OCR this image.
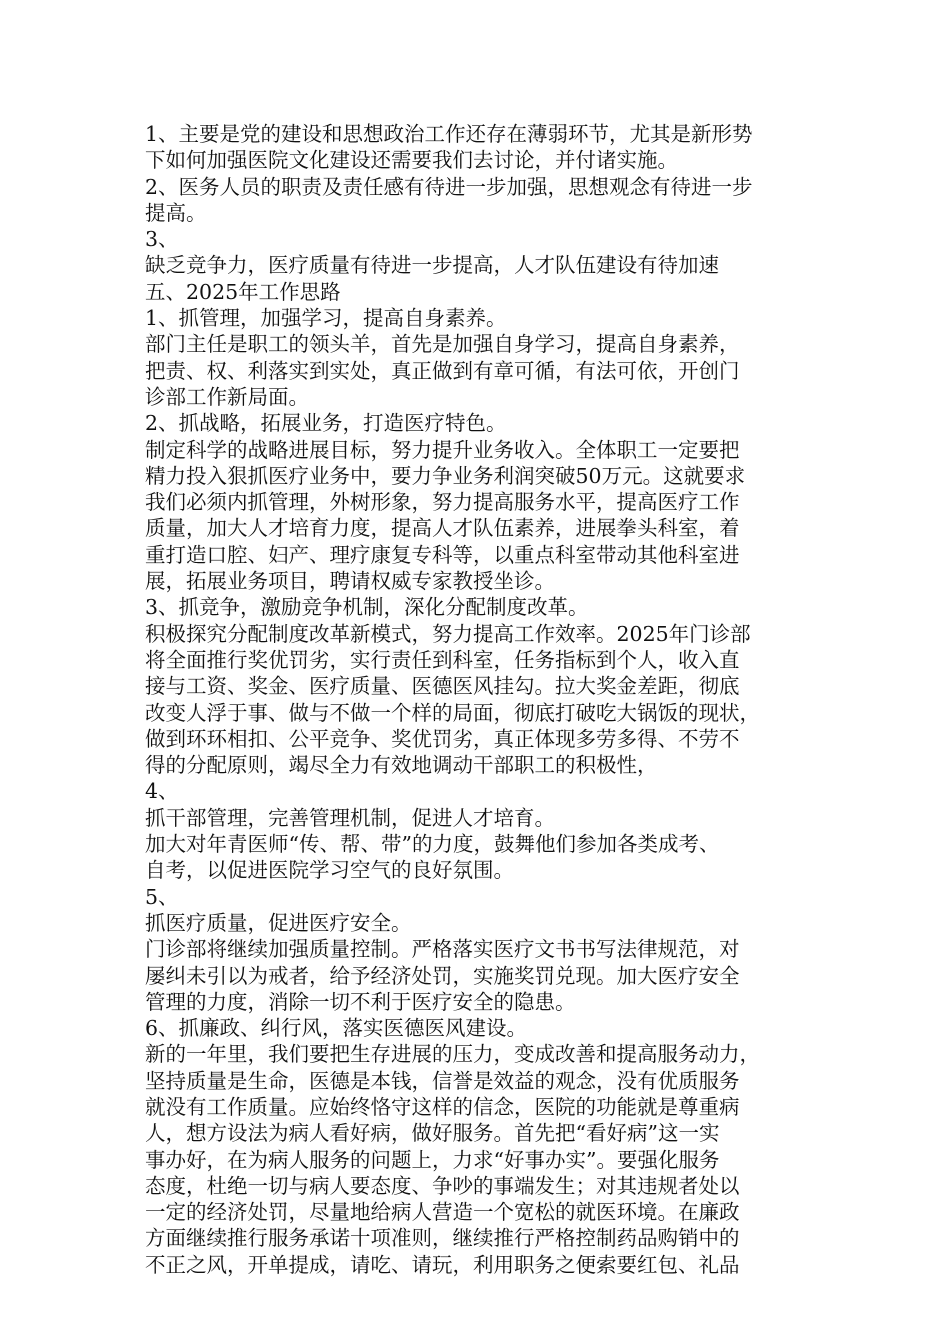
1、主要是党的建设和思想政治工作还存在薄弱环节，尤其是新形势
下如何加强医院文化建设还需要我们去讨论，并付诸实施。
2、医务人员的职责及责任感有待进一步加强，思想观念有待进一步
提高。
3、
缺乏竞争力，医疗质量有待进一步提高，人才队伍建设有待加速
五、2025年工作思路
1、抓管理，加强学习，提高自身素养。
部门主任是职工的领头羊，首先是加强自身学习，提高自身素养，
把责、权、利落实到实处，真正做到有章可循，有法可依，开创门
诊部工作新局面。
2、抓战略，拓展业务，打造医疗特色。
制定科学的战略进展目标，努力提升业务收入。全体职工一定要把
精力投入狠抓医疗业务中，要力争业务利润突破50万元。这就要求
我们必须内抓管理，外树形象，努力提高服务水平，提高医疗工作
质量，加大人才培育力度，提高人才队伍素养，进展拳头科室，着
重打造口腔、妇产、理疗康复专科等，以重点科室带动其他科室进
展，拓展业务项目，聘请权威专家教授坐诊。
3、抓竞争，激励竞争机制，深化分配制度改革。
积极探究分配制度改革新模式，努力提高工作效率。2025年门诊部
将全面推行奖优罚劣，实行责任到科室，任务指标到个人，收入直
接与工资、奖金、医疗质量、医德医风挂勾。拉大奖金差距，彻底
改变人浮于事、做与不做一个样的局面，彻底打破吃大锅饭的现状，
做到环环相扣、公平竞争、奖优罚劣，真正体现多劳多得、不劳不
得的分配原则，竭尽全力有效地调动干部职工的积极性，
4、
抓干部管理，完善管理机制，促进人才培育。
加大对年青医师“传、帮、带”的力度，鼓舞他们参加各类成考、
自考，以促进医院学习空气的良好氛围。
5、
抓医疗质量，促进医疗安全。
门诊部将继续加强质量控制。严格落实医疗文书书写法律规范，对
屡纠未引以为戒者，给予经济处罚，实施奖罚兑现。加大医疗安全
管理的力度，消除一切不利于医疗安全的隐患。
6、抓廉政、纠行风，落实医德医风建设。
新的一年里，我们要把生存进展的压力，变成改善和提高服务动力，
坚持质量是生命，医德是本钱，信誉是效益的观念，没有优质服务
就没有工作质量。应始终恪守这样的信念，医院的功能就是尊重病
人，想方设法为病人看好病，做好服务。首先把“看好病”这一实
事办好，在为病人服务的问题上，力求“好事办实”。要强化服务
态度，杜绝一切与病人要态度、争吵的事端发生；对其违规者处以
一定的经济处罚，尽量地给病人营造一个宽松的就医环境。在廉政
方面继续推行服务承诺十项准则，继续推行严格控制药品购销中的
不正之风，开单提成，请吃、请玩，利用职务之便索要红包、礼品
